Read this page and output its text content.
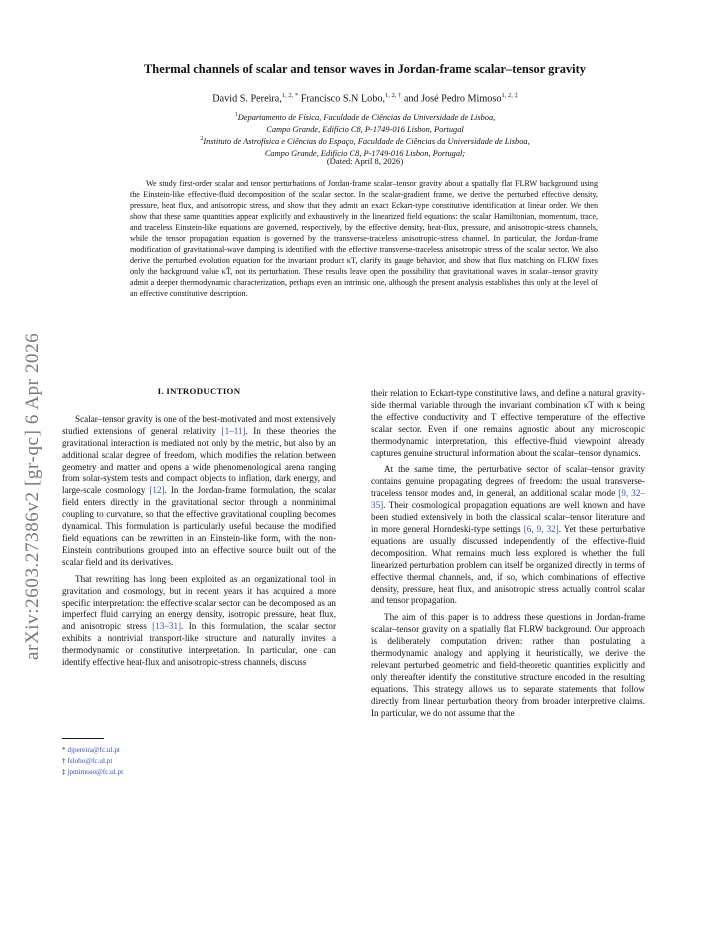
arXiv:2603.27386v2 [gr-qc] 6 Apr 2026
Thermal channels of scalar and tensor waves in Jordan-frame scalar–tensor gravity
David S. Pereira,$^{1, 2, *}$ Francisco S.N Lobo,$^{1, 2, \dagger}$ and José Pedro Mimoso$^{1, 2, \ddagger}$
$^1$Departamento de Física, Faculdade de Ciências da Universidade de Lisboa,
Campo Grande, Edifício C8, P-1749-016 Lisbon, Portugal
$^2$Instituto de Astrofísica e Ciências do Espaço, Faculdade de Ciências da Universidade de Lisboa,
Campo Grande, Edifício C8, P-1749-016 Lisbon, Portugal;
(Dated: April 8, 2026)
We study first-order scalar and tensor perturbations of Jordan-frame scalar–tensor gravity about a spatially flat FLRW background using the Einstein-like effective-fluid decomposition of the scalar sector. In the scalar-gradient frame, we derive the perturbed effective density, pressure, heat flux, and anisotropic stress, and show that they admit an exact Eckart-type constitutive identification at linear order. We then show that these same quantities appear explicitly and exhaustively in the linearized field equations: the scalar Hamiltonian, momentum, trace, and traceless Einstein-like equations are governed, respectively, by the effective density, heat-flux, pressure, and anisotropic-stress channels, while the tensor propagation equation is governed by the transverse-traceless anisotropic-stress channel. In particular, the Jordan-frame modification of gravitational-wave damping is identified with the effective transverse-traceless anisotropic stress of the scalar sector. We also derive the perturbed evolution equation for the invariant product κT, clarify its gauge behavior, and show that flux matching on FLRW fixes only the background value κT̄, not its perturbation. These results leave open the possibility that gravitational waves in scalar–tensor gravity admit a deeper thermodynamic characterization, perhaps even an intrinsic one, although the present analysis establishes this only at the level of an effective constitutive description.
I. INTRODUCTION

Scalar–tensor gravity is one of the best-motivated and most extensively studied extensions of general relativity [1–11]. In these theories the gravitational interaction is mediated not only by the metric, but also by an additional scalar degree of freedom, which modifies the relation between geometry and matter and opens a wide phenomenological arena ranging from solar-system tests and compact objects to inflation, dark energy, and large-scale cosmology [12]. In the Jordan-frame formulation, the scalar field enters directly in the gravitational sector through a nonminimal coupling to curvature, so that the effective gravitational coupling becomes dynamical. This formulation is particularly useful because the modified field equations can be rewritten in an Einstein-like form, with the non-Einstein contributions grouped into an effective source built out of the scalar field and its derivatives.

That rewriting has long been exploited as an organizational tool in gravitation and cosmology, but in recent years it has acquired a more specific interpretation: the effective scalar sector can be decomposed as an imperfect fluid carrying an energy density, isotropic pressure, heat flux, and anisotropic stress [13–31]. In this formulation, the scalar sector exhibits a nontrivial transport-like structure and naturally invites a thermodynamic or constitutive interpretation. In particular, one can identify effective heat-flux and anisotropic-stress channels, discuss

their relation to Eckart-type constitutive laws, and define a natural gravity-side thermal variable through the invariant combination κT with κ being the effective conductivity and T effective temperature of the effective scalar sector. Even if one remains agnostic about any microscopic thermodynamic interpretation, this effective-fluid viewpoint already captures genuine structural information about the scalar–tensor dynamics.

At the same time, the perturbative sector of scalar–tensor gravity contains genuine propagating degrees of freedom: the usual transverse-traceless tensor modes and, in general, an additional scalar mode [9, 32–35]. Their cosmological propagation equations are well known and have been studied extensively in both the classical scalar–tensor literature and in more general Horndeski-type settings [6, 9, 32]. Yet these perturbative equations are usually discussed independently of the effective-fluid decomposition. What remains much less explored is whether the full linearized perturbation problem can itself be organized directly in terms of effective thermal channels, and, if so, which combinations of effective density, pressure, heat flux, and anisotropic stress actually control scalar and tensor propagation.

The aim of this paper is to address these questions in Jordan-frame scalar–tensor gravity on a spatially flat FLRW background. Our approach is deliberately computation driven: rather than postulating a thermodynamic analogy and applying it heuristically, we derive the relevant perturbed geometric and field-theoretic quantities explicitly and only thereafter identify the constitutive structure encoded in the resulting equations. This strategy allows us to separate statements that follow directly from linear perturbation theory from broader interpretive claims. In particular, we do not assume that the

* djpereira@fc.ul.pt
† fslobo@fc.ul.pt
‡ jpmimoso@fc.ul.pt
